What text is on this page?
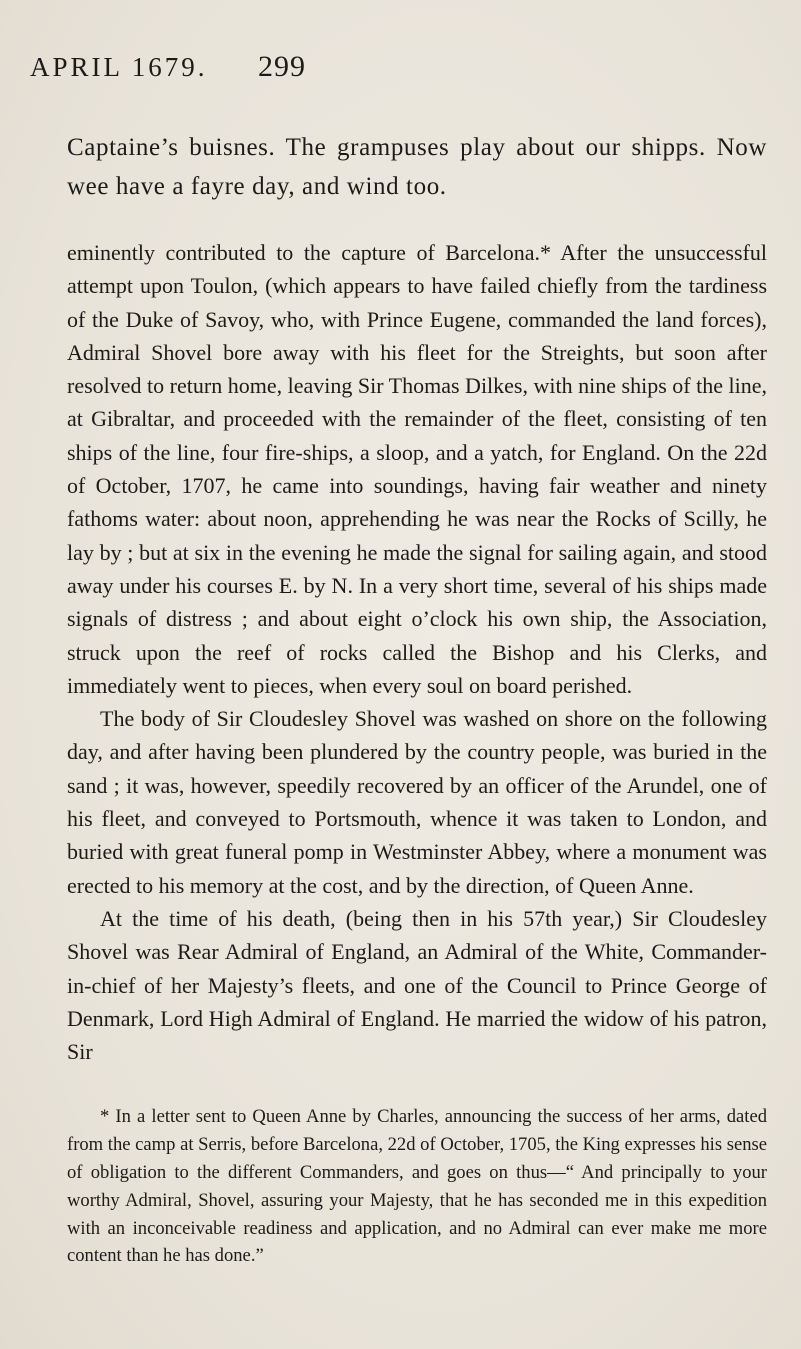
APRIL 1679. 299

Captaine’s buisnes. The grampuses play about our shipps. Now wee have a fayre day, and wind too.

eminently contributed to the capture of Barcelona.* After the unsuccessful attempt upon Toulon, (which appears to have failed chiefly from the tardiness of the Duke of Savoy, who, with Prince Eugene, commanded the land forces), Admiral Shovel bore away with his fleet for the Streights, but soon after resolved to return home, leaving Sir Thomas Dilkes, with nine ships of the line, at Gibraltar, and proceeded with the remainder of the fleet, consisting of ten ships of the line, four fire-ships, a sloop, and a yatch, for England. On the 22d of October, 1707, he came into soundings, having fair weather and ninety fathoms water: about noon, apprehending he was near the Rocks of Scilly, he lay by ; but at six in the evening he made the signal for sailing again, and stood away under his courses E. by N. In a very short time, several of his ships made signals of distress ; and about eight o’clock his own ship, the Association, struck upon the reef of rocks called the Bishop and his Clerks, and immediately went to pieces, when every soul on board perished.

The body of Sir Cloudesley Shovel was washed on shore on the following day, and after having been plundered by the country people, was buried in the sand ; it was, however, speedily recovered by an officer of the Arundel, one of his fleet, and conveyed to Portsmouth, whence it was taken to London, and buried with great funeral pomp in Westminster Abbey, where a monument was erected to his memory at the cost, and by the direction, of Queen Anne.

At the time of his death, (being then in his 57th year,) Sir Cloudesley Shovel was Rear Admiral of England, an Admiral of the White, Commander-in-chief of her Majesty’s fleets, and one of the Council to Prince George of Denmark, Lord High Admiral of England. He married the widow of his patron, Sir

* In a letter sent to Queen Anne by Charles, announcing the success of her arms, dated from the camp at Serris, before Barcelona, 22d of October, 1705, the King expresses his sense of obligation to the different Commanders, and goes on thus—“ And principally to your worthy Admiral, Shovel, assuring your Majesty, that he has seconded me in this expedition with an inconceivable readiness and application, and no Admiral can ever make me more content than he has done.”
